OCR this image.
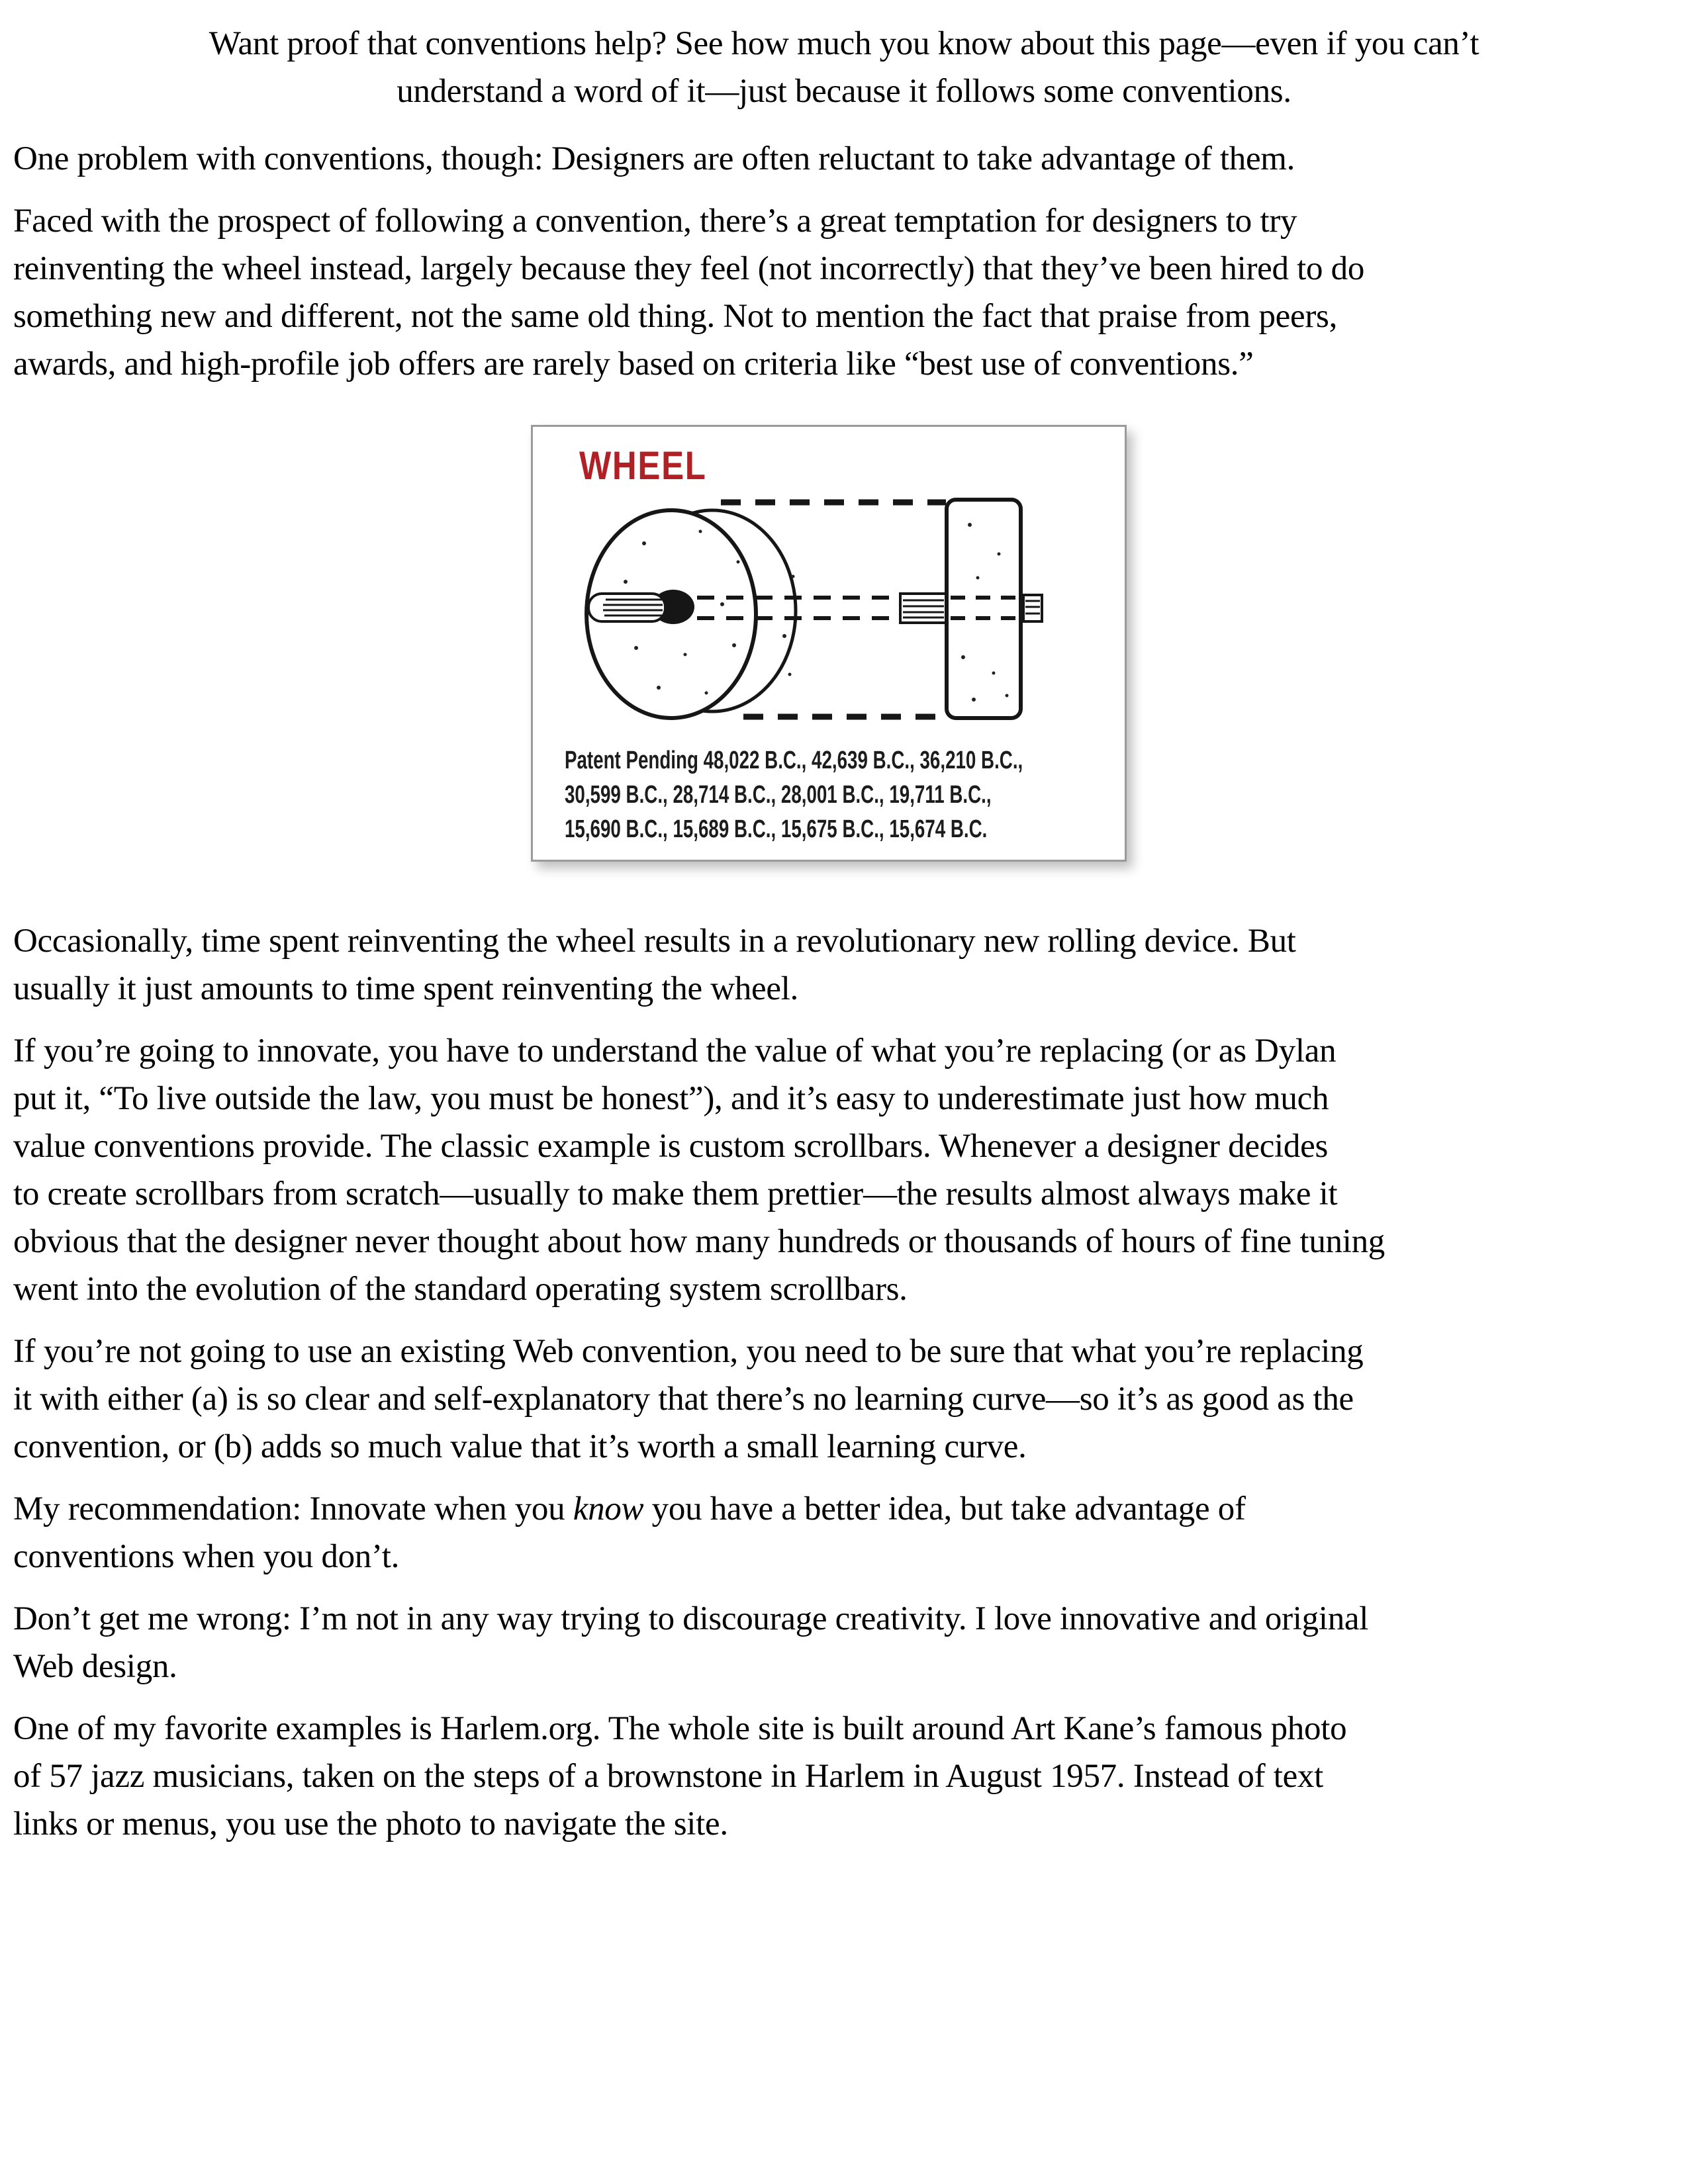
Want proof that conventions help? See how much you know about this page—even if you can’t
understand a word of it—just because it follows some conventions.
One problem with conventions, though: Designers are often reluctant to take advantage of them.
Faced with the prospect of following a convention, there’s a great temptation for designers to try
reinventing the wheel instead, largely because they feel (not incorrectly) that they’ve been hired to do
something new and different, not the same old thing. Not to mention the fact that praise from peers,
awards, and high-profile job offers are rarely based on criteria like “best use of conventions.”
WHEEL
Patent Pending 48,022 B.C., 42,639 B.C., 36,210 B.C.,
30,599 B.C., 28,714 B.C., 28,001 B.C., 19,711 B.C.,
15,690 B.C., 15,689 B.C., 15,675 B.C., 15,674 B.C.
Occasionally, time spent reinventing the wheel results in a revolutionary new rolling device. But
usually it just amounts to time spent reinventing the wheel.
If you’re going to innovate, you have to understand the value of what you’re replacing (or as Dylan
put it, “To live outside the law, you must be honest”), and it’s easy to underestimate just how much
value conventions provide. The classic example is custom scrollbars. Whenever a designer decides
to create scrollbars from scratch—usually to make them prettier—the results almost always make it
obvious that the designer never thought about how many hundreds or thousands of hours of fine tuning
went into the evolution of the standard operating system scrollbars.
If you’re not going to use an existing Web convention, you need to be sure that what you’re replacing
it with either (a) is so clear and self-explanatory that there’s no learning curve—so it’s as good as the
convention, or (b) adds so much value that it’s worth a small learning curve.
My recommendation: Innovate when you know you have a better idea, but take advantage of
conventions when you don’t.
Don’t get me wrong: I’m not in any way trying to discourage creativity. I love innovative and original
Web design.
One of my favorite examples is Harlem.org. The whole site is built around Art Kane’s famous photo
of 57 jazz musicians, taken on the steps of a brownstone in Harlem in August 1957. Instead of text
links or menus, you use the photo to navigate the site.
